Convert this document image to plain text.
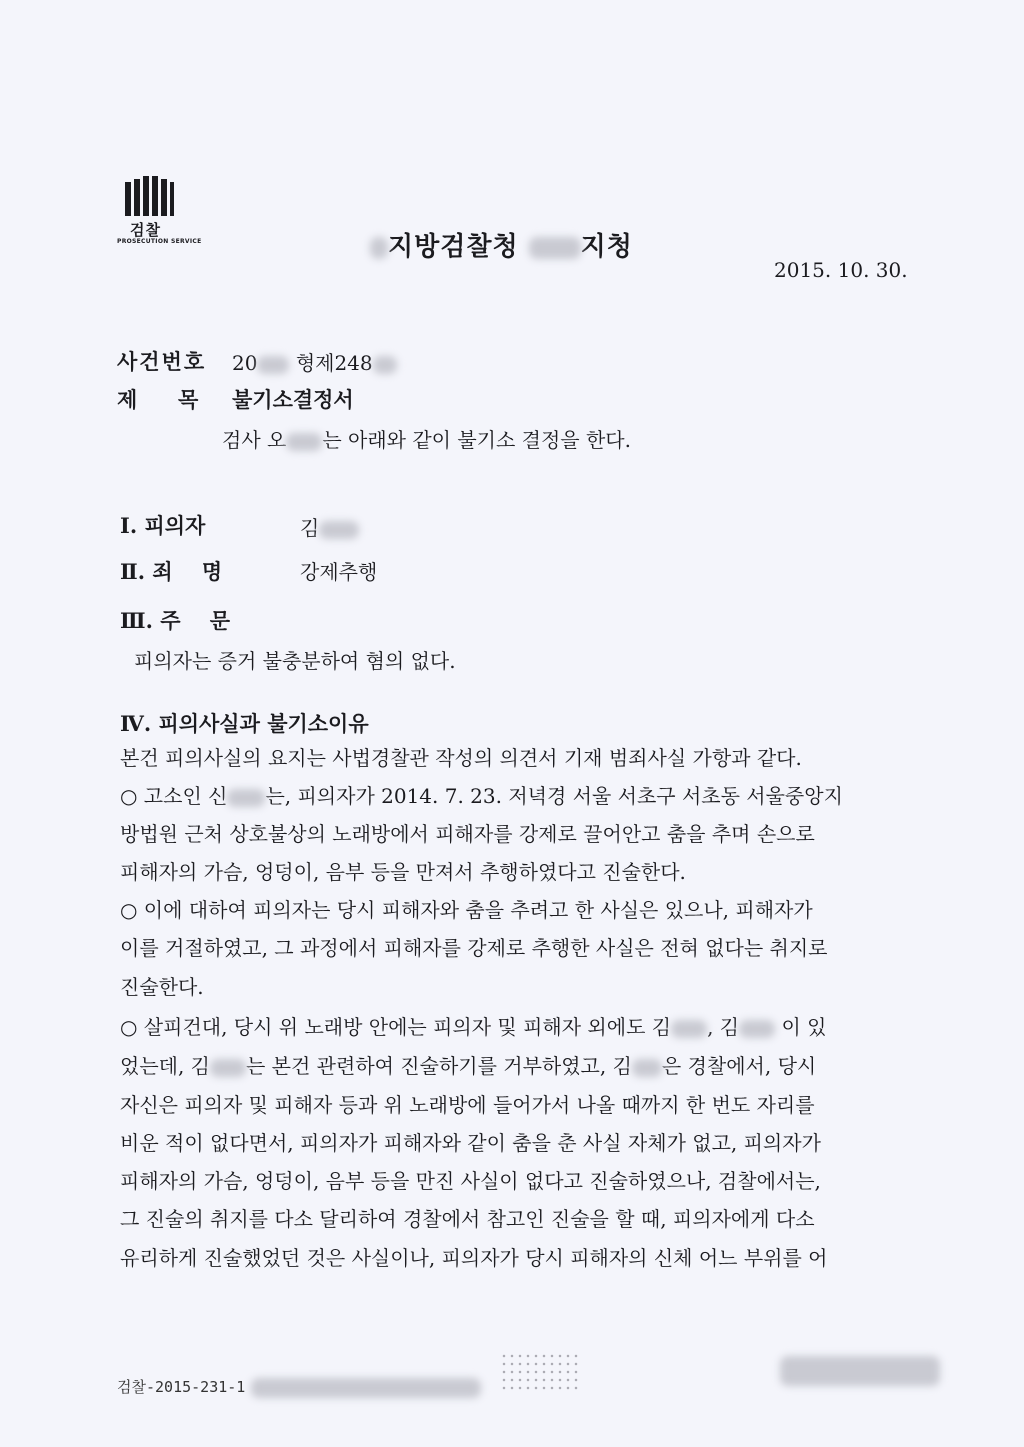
검찰
PROSECUTION SERVICE	지방검찰청 지청
2015. 10. 30.
사건번호 20 형제248
제 목 불기소결정서
검사 오 는 아래와 같이 불기소 결정을 한다.
Ⅰ. 피의자	김
Ⅱ. 죄 명	강제추행
Ⅲ. 주 문
피의자는 증거 불충분하여 혐의 없다.
Ⅳ. 피의사실과 불기소이유
본건 피의사실의 요지는 사법경찰관 작성의 의견서 기재 범죄사실 가항과 같다.
○ 고소인 신 는, 피의자가 2014. 7. 23. 저녁경 서울 서초구 서초동 서울중앙지
방법원 근처 상호불상의 노래방에서 피해자를 강제로 끌어안고 춤을 추며 손으로
피해자의 가슴, 엉덩이, 음부 등을 만져서 추행하였다고 진술한다.
○ 이에 대하여 피의자는 당시 피해자와 춤을 추려고 한 사실은 있으나, 피해자가
이를 거절하였고, 그 과정에서 피해자를 강제로 추행한 사실은 전혀 없다는 취지로
진술한다.
○ 살피건대, 당시 위 노래방 안에는 피의자 및 피해자 외에도 김 , 김 이 있
었는데, 김 는 본건 관련하여 진술하기를 거부하였고, 김 은 경찰에서, 당시
자신은 피의자 및 피해자 등과 위 노래방에 들어가서 나올 때까지 한 번도 자리를
비운 적이 없다면서, 피의자가 피해자와 같이 춤을 춘 사실 자체가 없고, 피의자가
피해자의 가슴, 엉덩이, 음부 등을 만진 사실이 없다고 진술하였으나, 검찰에서는,
그 진술의 취지를 다소 달리하여 경찰에서 참고인 진술을 할 때, 피의자에게 다소
유리하게 진술했었던 것은 사실이나, 피의자가 당시 피해자의 신체 어느 부위를 어
검찰-2015-231-1
